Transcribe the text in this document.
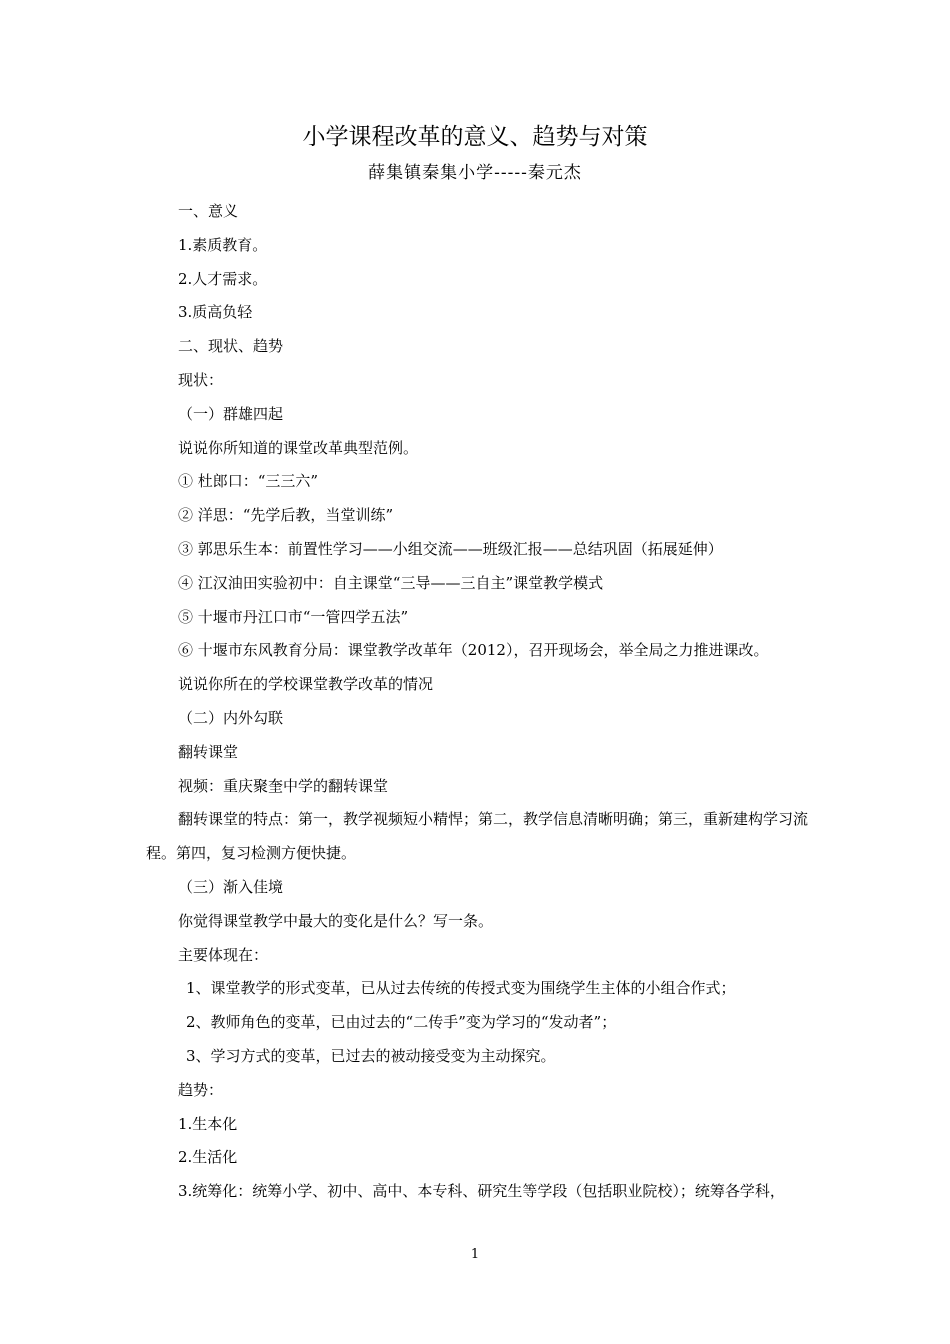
小学课程改革的意义、趋势与对策
薛集镇秦集小学-----秦元杰
一、意义
1.素质教育。
2.人才需求。
3.质高负轻
二、现状、趋势
现状：
（一）群雄四起
说说你所知道的课堂改革典型范例。
① 杜郎口：“三三六”
② 洋思：“先学后教，当堂训练”
③ 郭思乐生本：前置性学习——小组交流——班级汇报——总结巩固（拓展延伸）
④ 江汉油田实验初中：自主课堂“三导——三自主”课堂教学模式
⑤ 十堰市丹江口市“一管四学五法”
⑥ 十堰市东风教育分局：课堂教学改革年（2012），召开现场会，举全局之力推进课改。
说说你所在的学校课堂教学改革的情况
（二）内外勾联
翻转课堂
视频：重庆聚奎中学的翻转课堂
翻转课堂的特点：第一，教学视频短小精悍；第二，教学信息清晰明确；第三，重新建构学习流程。第四，复习检测方便快捷。
（三）渐入佳境
你觉得课堂教学中最大的变化是什么？写一条。
主要体现在：
1、课堂教学的形式变革，已从过去传统的传授式变为围绕学生主体的小组合作式；
2、教师角色的变革，已由过去的“二传手”变为学习的“发动者”；
3、学习方式的变革，已过去的被动接受变为主动探究。
趋势：
1.生本化
2.生活化
3.统筹化：统筹小学、初中、高中、本专科、研究生等学段（包括职业院校）；统筹各学科，
1
